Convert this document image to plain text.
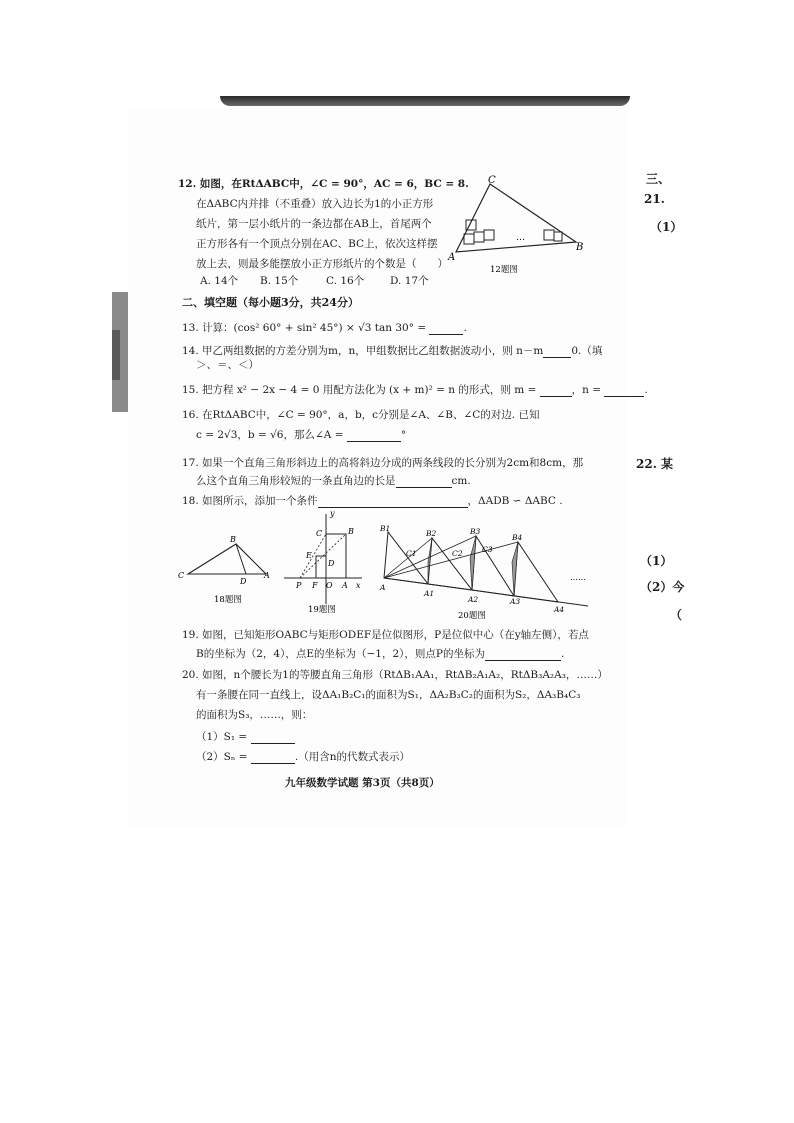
12. 如图，在RtΔABC中，∠C = 90°，AC = 6，BC = 8.
在ΔABC内并排（不重叠）放入边长为1的小正方形
纸片，第一层小纸片的一条边都在AB上，首尾两个
正方形各有一个顶点分别在AC、BC上，依次这样摆
放上去，则最多能摆放小正方形纸片的个数是（　　）
A. 14个 B. 15个	C. 16个 D. 17个
C
A
B
…
12题图
二、填空题（每小题3分，共24分）
13. 计算：(cos² 60° + sin² 45°) × √3 tan 30° =	.
14. 甲乙两组数据的方差分别为m，n，甲组数据比乙组数据波动小，则 n－m	0.（填
＞、＝、＜）
15. 把方程 x² − 2x − 4 = 0 用配方法化为 (x + m)² = n 的形式，则 m =	，n =	.
16. 在RtΔABC中，∠C = 90°，a，b，c分别是∠A、∠B、∠C的对边. 已知
c = 2√3，b = √6，那么∠A =	°
17. 如果一个直角三角形斜边上的高将斜边分成的两条线段的长分别为2cm和8cm，那
么这个直角三角形较短的一条直角边的长是	cm.
18. 如图所示，添加一个条件	，ΔADB ∽ ΔABC .
B
C
D
A
18题图
y
x
C	B
E
D
P F O A
19题图
B1
B2	B3
B4
C1	C2	C3
A
A1
A2	A3
A4
……
20题图
19. 如图，已知矩形OABC与矩形ODEF是位似图形，P是位似中心（在y轴左侧），若点
B的坐标为（2，4），点E的坐标为（−1，2），则点P的坐标为	.
20. 如图，n个腰长为1的等腰直角三角形（RtΔB₁AA₁，RtΔB₂A₁A₂，RtΔB₃A₂A₃，……）
有一条腰在同一直线上，设ΔA₁B₂C₁的面积为S₁，ΔA₂B₃C₂的面积为S₂，ΔA₃B₄C₃
的面积为S₃，……，则：
（1）S₁ =
（2）Sₙ =	.（用含n的代数式表示）
九年级数学试题 第3页（共8页）
三、
21.
（1）
22. 某
（1）
（2）今
（
